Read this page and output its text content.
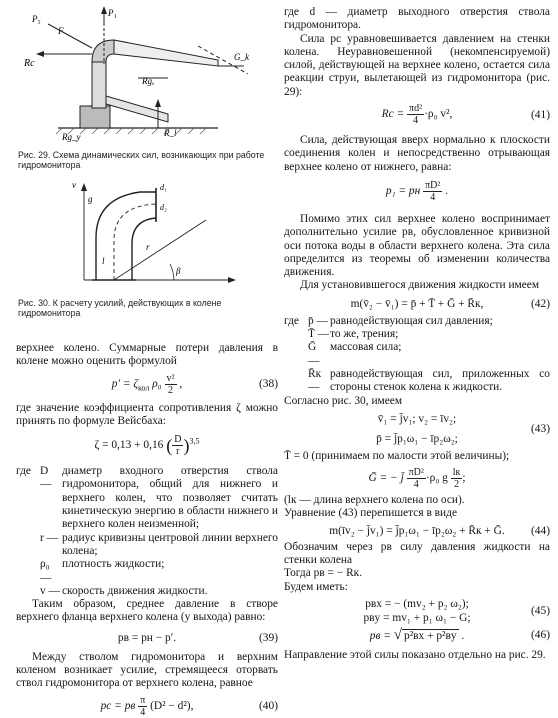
P₁
P₅
F
Rc
G_k
Rgₓ
Rg_y	R_l

Рис. 29. Схема динамических сил, возникающих при работе гидромонитора

v
l
d₁
d₂
β
r
g

Рис. 30. К расчету усилий, действующих в колене гидромонитора

верхнее колено. Суммарные потери давления в колене можно оценить формулой

$p' = \zeta_{кол}$ $\rho_0 \frac{\text{v²}}{2}$ ,	(38)

где значение коэффициента сопротивления ζ можно принять по формуле Вейсбаха:

ζ = 0,13 + 0,16 ( $\frac{D}{r} )^{3,5}$
где D —
диаметр входного отверстия ствола гидромонитора, общий для нижнего и верхнего колен, что позволяет считать кинетическую энергию в области нижнего и верхнего колен неизменной;
r — радиус кривизны центровой линии верхнего колена;
ρ₀ —
плотность жидкости;
v — скорость движения жидкости.

Таким образом, среднее давление в створе верхнего фланца верхнего колена (у выхода) равно:

pв = pн − p′.	(39)

Между стволом гидромонитора и верхним коленом возникает усилие, стремящееся оторвать ствол гидромонитора от верхнего колена, равное

pc = pв $\frac{\pi}{4} (D^2 - d^2)$,	(40)

где d — диаметр выходного отверстия ствола гидромонитора.

Сила pc уравновешивается давлением на стенки колена. Неуравновешенной (некомпенсируемой) силой, действующей на верхнее колено, остается сила реакции струи, вылетающей из гидромонитора (рис. 29):

$Rc = \frac{\text{πd²}}{4} \cdot\rho_0$ v²,	(41)

Сила, действующая вверх нормально к плоскости соединения колен и непосредственно отрывающая верхнее колено от нижнего, равна:

p₁ = pн $\frac{\text{πD²}}{4}$ .

Помимо этих сил верхнее колено воспринимает дополнительно усилие pв, обусловленное кривизной оси потока воды в области верхнего колена. Эта сила определится из теоремы об изменении количества движения.

Для установившегося движения жидкости имеем

m(v̄₂ − v̄₁) = p̄ + T̄ + Ḡ + R̄к,	(42)
где p̄ — равнодействующая сил давления;
T̄ — то же, трения;
Ḡ —
массовая сила;
R̄к —
равнодействующая сил, приложенных со стороны стенок колена к жидкости.

Согласно рис. 30, имеем

v̄₁ = j̄v₁; v₂ = īv₂;
p̄ = j̄p₁ω₁ − īp₂ω₂;
(43)

T̄ = 0 (принимаем по малости этой величины);

Ḡ = − j̄ $\frac{\text{πD²}}{4} \cdot\rho_0$ g lк
2
;

(lк — длина верхнего колена по оси).

Уравнение (43) перепишется в виде

m(īv₂ − j̄v₁) = j̄p₁ω₁ − īp₂ω₂ + R̄к + Ḡ.	(44)

Обозначим через pв силу давления жидкости на стенки колена

Тогда pв = − Rк.

Будем иметь:

pвx = − (mv₂ + p₂ ω₂);
pвy = mv₁ + p₁ ω₁ − G;
(45)
pв = √ p²вx + p²вy .	(46)

Направление этой силы показано отдельно на рис. 29.
